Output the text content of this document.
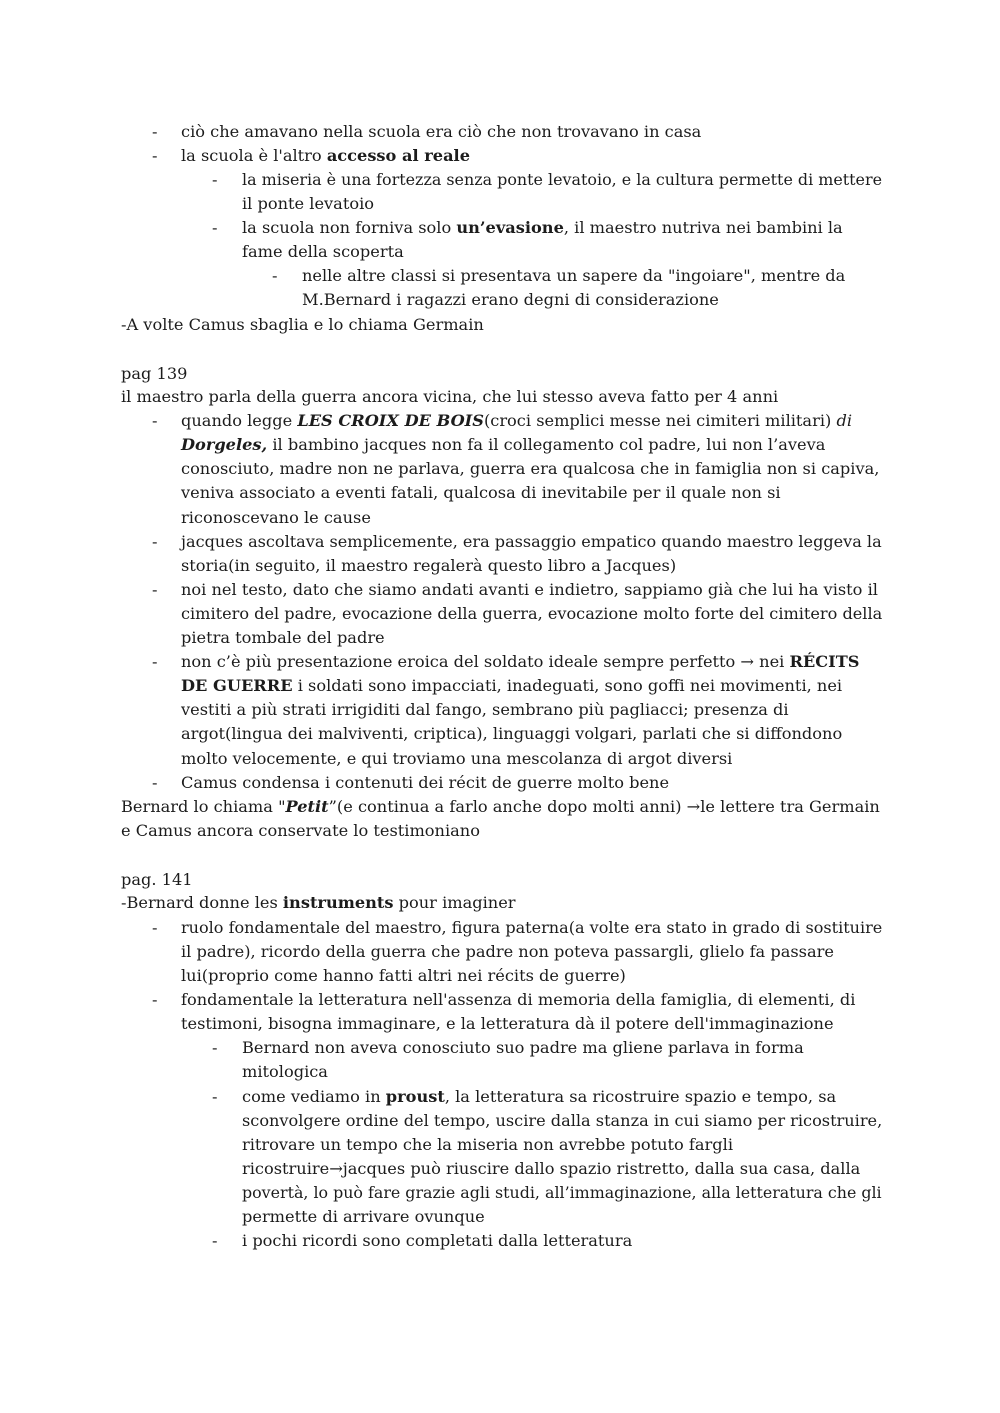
- ciò che amavano nella scuola era ciò che non trovavano in casa
- la scuola è l'altro accesso al reale
- la miseria è una fortezza senza ponte levatoio, e la cultura permette di mettere
il ponte levatoio
- la scuola non forniva solo un’evasione, il maestro nutriva nei bambini la
fame della scoperta
- nelle altre classi si presentava un sapere da "ingoiare", mentre da
M.Bernard i ragazzi erano degni di considerazione
-A volte Camus sbaglia e lo chiama Germain
pag 139
il maestro parla della guerra ancora vicina, che lui stesso aveva fatto per 4 anni
- quando legge LES CROIX DE BOIS(croci semplici messe nei cimiteri militari) di
Dorgeles, il bambino jacques non fa il collegamento col padre, lui non l’aveva
conosciuto, madre non ne parlava, guerra era qualcosa che in famiglia non si capiva,
veniva associato a eventi fatali, qualcosa di inevitabile per il quale non si
riconoscevano le cause
- jacques ascoltava semplicemente, era passaggio empatico quando maestro leggeva la
storia(in seguito, il maestro regalerà questo libro a Jacques)
- noi nel testo, dato che siamo andati avanti e indietro, sappiamo già che lui ha visto il
cimitero del padre, evocazione della guerra, evocazione molto forte del cimitero della
pietra tombale del padre
- non c’è più presentazione eroica del soldato ideale sempre perfetto → nei RÉCITS
DE GUERRE i soldati sono impacciati, inadeguati, sono goffi nei movimenti, nei
vestiti a più strati irrigiditi dal fango, sembrano più pagliacci; presenza di
argot(lingua dei malviventi, criptica), linguaggi volgari, parlati che si diffondono
molto velocemente, e qui troviamo una mescolanza di argot diversi
- Camus condensa i contenuti dei récit de guerre molto bene
Bernard lo chiama "Petit”(e continua a farlo anche dopo molti anni) →le lettere tra Germain
e Camus ancora conservate lo testimoniano
pag. 141
-Bernard donne les instruments pour imaginer
- ruolo fondamentale del maestro, figura paterna(a volte era stato in grado di sostituire
il padre), ricordo della guerra che padre non poteva passargli, glielo fa passare
lui(proprio come hanno fatti altri nei récits de guerre)
- fondamentale la letteratura nell'assenza di memoria della famiglia, di elementi, di
testimoni, bisogna immaginare, e la letteratura dà il potere dell'immaginazione
- Bernard non aveva conosciuto suo padre ma gliene parlava in forma
mitologica
- come vediamo in proust, la letteratura sa ricostruire spazio e tempo, sa
sconvolgere ordine del tempo, uscire dalla stanza in cui siamo per ricostruire,
ritrovare un tempo che la miseria non avrebbe potuto fargli
ricostruire→jacques può riuscire dallo spazio ristretto, dalla sua casa, dalla
povertà, lo può fare grazie agli studi, all’immaginazione, alla letteratura che gli
permette di arrivare ovunque
- i pochi ricordi sono completati dalla letteratura
